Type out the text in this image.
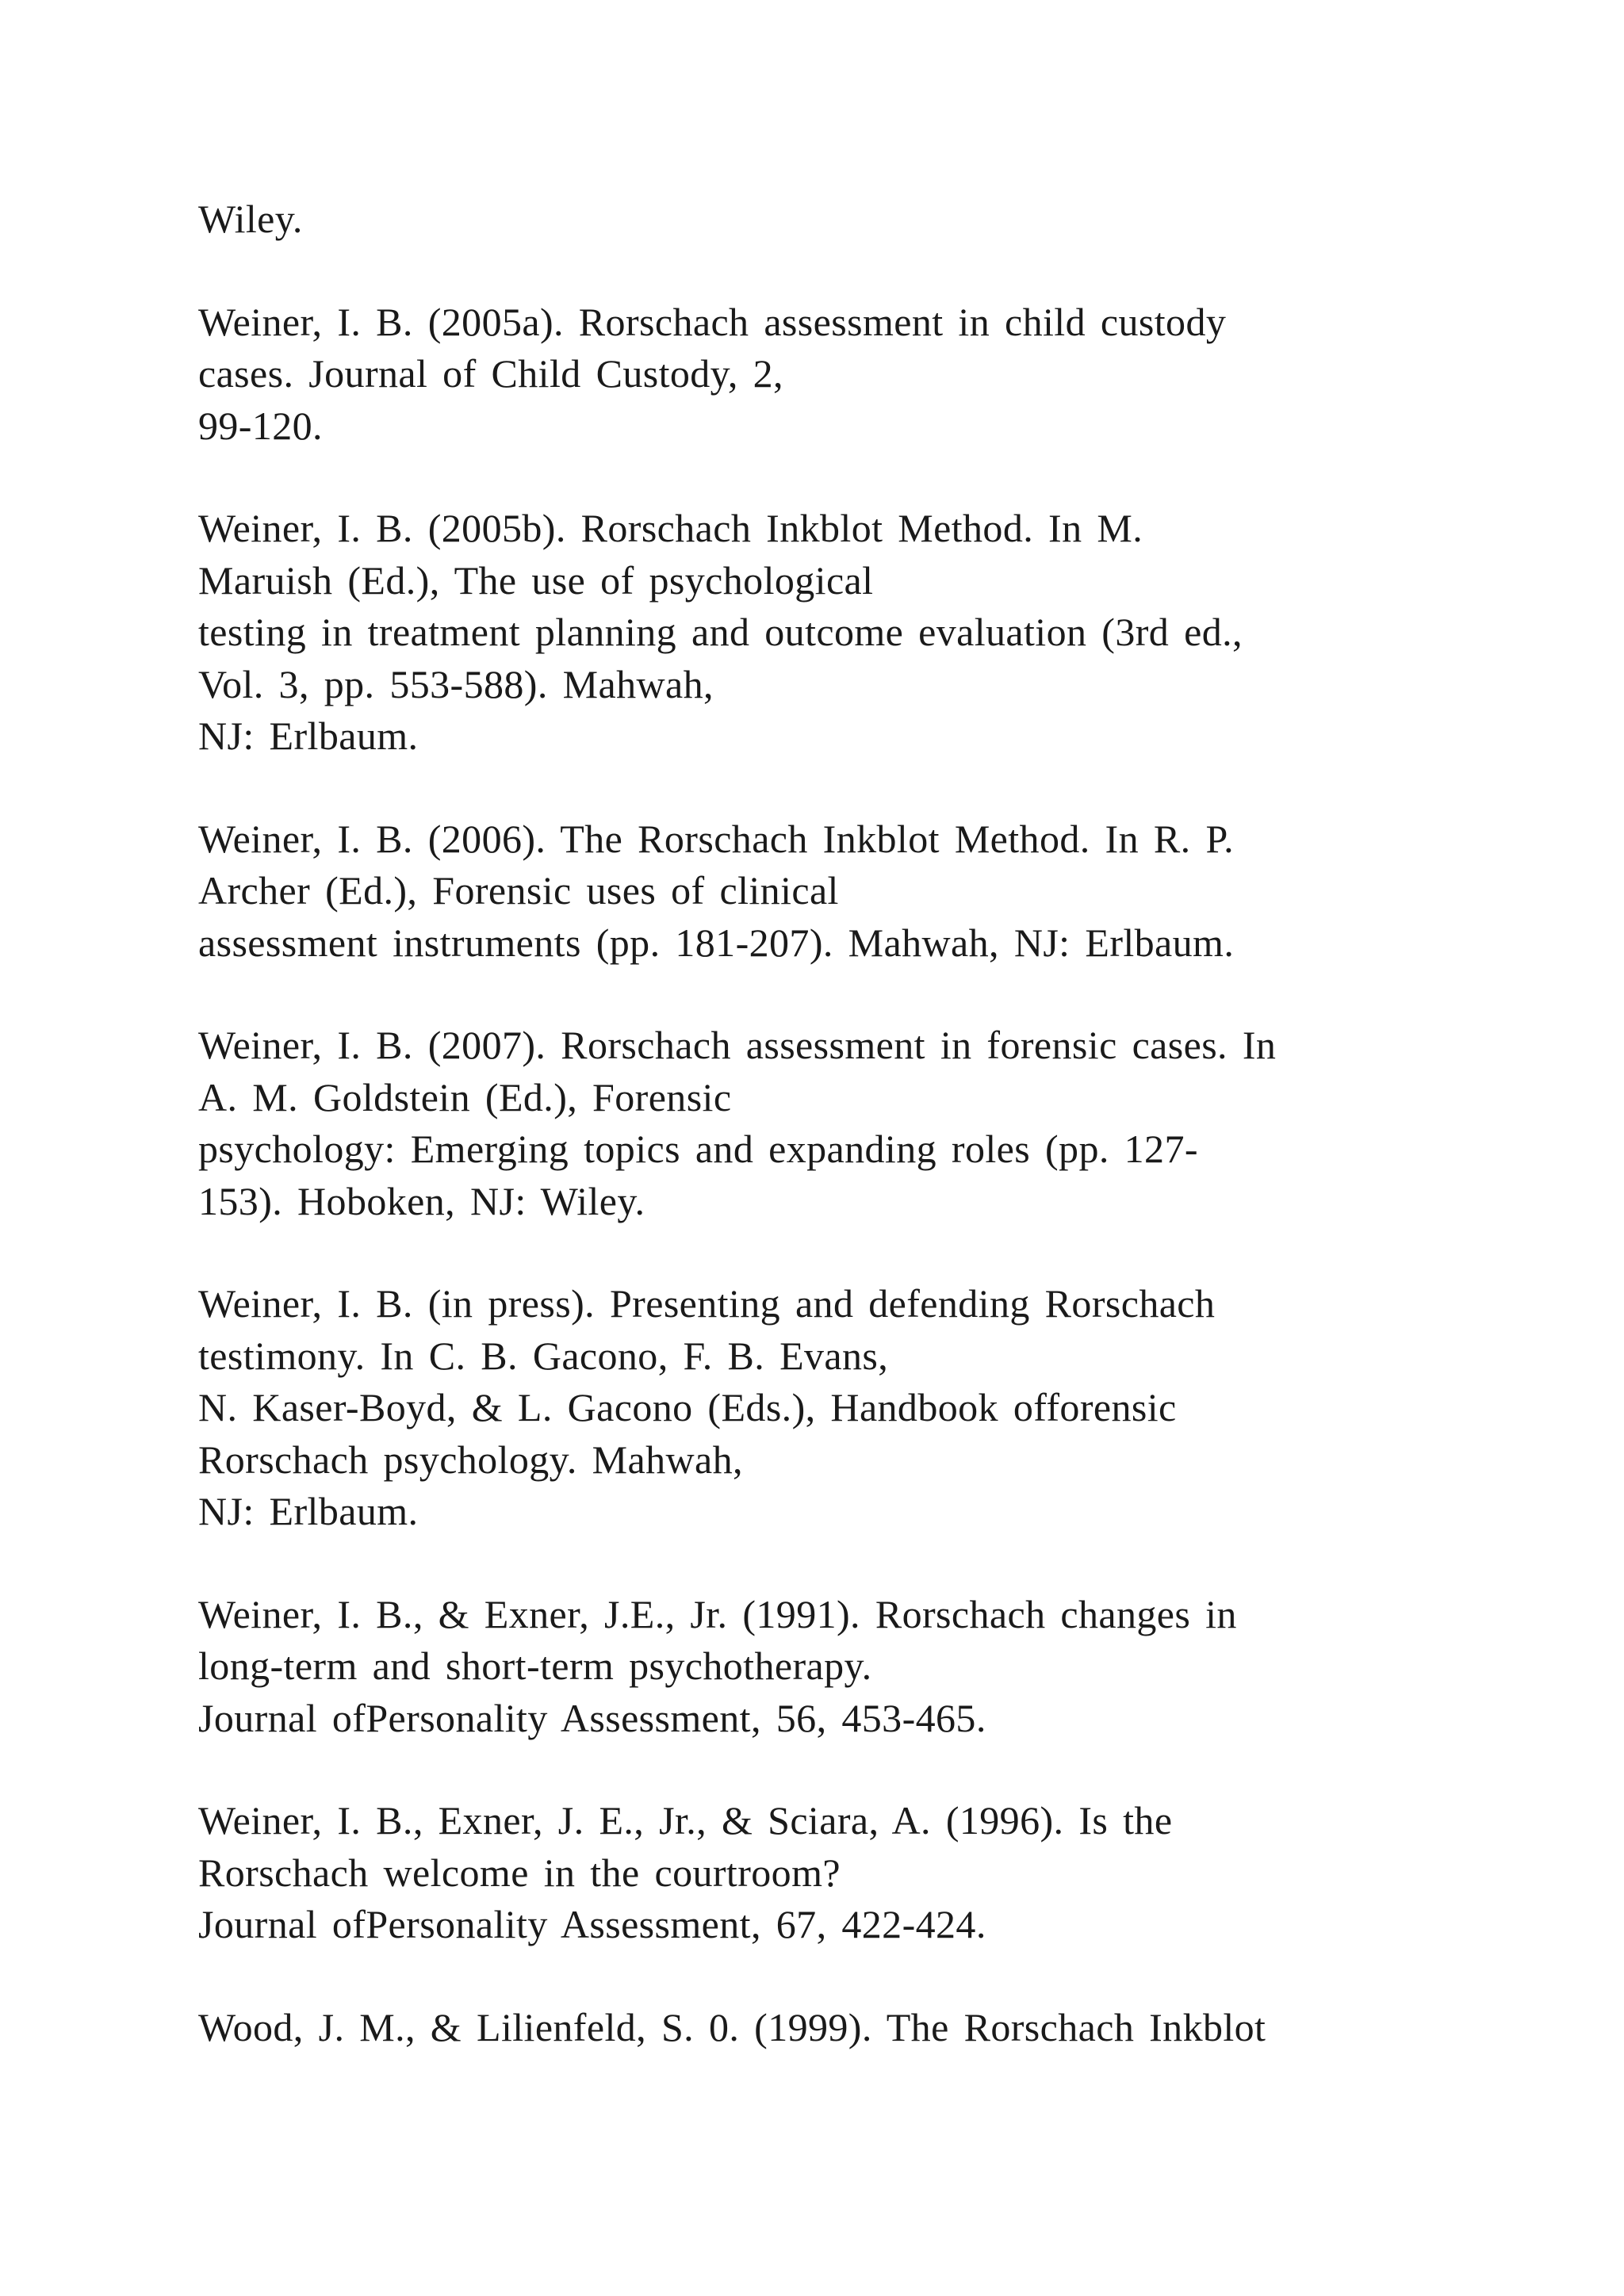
Wiley.
Weiner, I. B. (2005a). Rorschach assessment in child custody
cases. Journal of Child Custody, 2,
99-120.
Weiner, I. B. (2005b). Rorschach Inkblot Method. In M.
Maruish (Ed.), The use of psychological
testing in treatment planning and outcome evaluation (3rd ed.,
Vol. 3, pp. 553-588). Mahwah,
NJ: Erlbaum.
Weiner, I. B. (2006). The Rorschach Inkblot Method. In R. P.
Archer (Ed.), Forensic uses of clinical
assessment instruments (pp. 181-207). Mahwah, NJ: Erlbaum.
Weiner, I. B. (2007). Rorschach assessment in forensic cases. In
A. M. Goldstein (Ed.), Forensic
psychology: Emerging topics and expanding roles (pp. 127-
153). Hoboken, NJ: Wiley.
Weiner, I. B. (in press). Presenting and defending Rorschach
testimony. In C. B. Gacono, F. B. Evans,
N. Kaser-Boyd, & L. Gacono (Eds.), Handbook offorensic
Rorschach psychology. Mahwah,
NJ: Erlbaum.
Weiner, I. B., & Exner, J.E., Jr. (1991). Rorschach changes in
long-term and short-term psychotherapy.
Journal ofPersonality Assessment, 56, 453-465.
Weiner, I. B., Exner, J. E., Jr., & Sciara, A. (1996). Is the
Rorschach welcome in the courtroom?
Journal ofPersonality Assessment, 67, 422-424.
Wood, J. M., & Lilienfeld, S. 0. (1999). The Rorschach Inkblot
